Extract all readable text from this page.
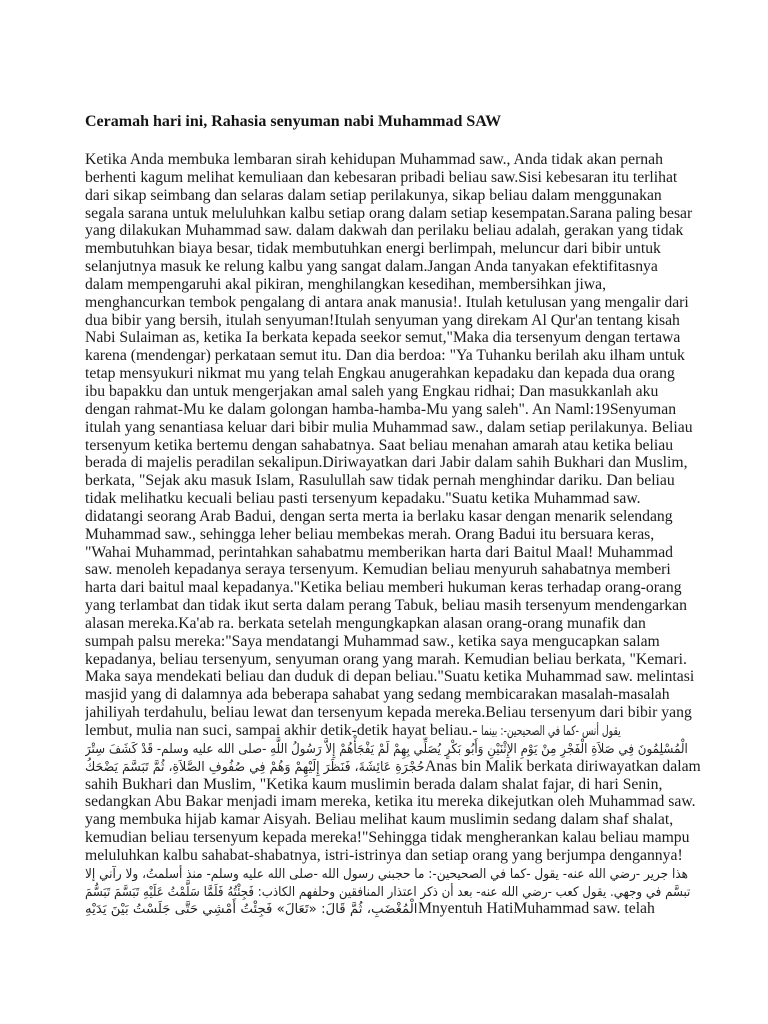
Ceramah hari ini, Rahasia senyuman nabi Muhammad SAW
Ketika Anda membuka lembaran sirah kehidupan Muhammad saw., Anda tidak akan pernah
berhenti kagum melihat kemuliaan dan kebesaran pribadi beliau saw.Sisi kebesaran itu terlihat
dari sikap seimbang dan selaras dalam setiap perilakunya, sikap beliau dalam menggunakan
segala sarana untuk meluluhkan kalbu setiap orang dalam setiap kesempatan.Sarana paling besar
yang dilakukan Muhammad saw. dalam dakwah dan perilaku beliau adalah, gerakan yang tidak
membutuhkan biaya besar, tidak membutuhkan energi berlimpah, meluncur dari bibir untuk
selanjutnya masuk ke relung kalbu yang sangat dalam.Jangan Anda tanyakan efektifitasnya
dalam mempengaruhi akal pikiran, menghilangkan kesedihan, membersihkan jiwa,
menghancurkan tembok pengalang di antara anak manusia!. Itulah ketulusan yang mengalir dari
dua bibir yang bersih, itulah senyuman!Itulah senyuman yang direkam Al Qur'an tentang kisah
Nabi Sulaiman as, ketika Ia berkata kepada seekor semut,"Maka dia tersenyum dengan tertawa
karena (mendengar) perkataan semut itu. Dan dia berdoa: "Ya Tuhanku berilah aku ilham untuk
tetap mensyukuri nikmat mu yang telah Engkau anugerahkan kepadaku dan kepada dua orang
ibu bapakku dan untuk mengerjakan amal saleh yang Engkau ridhai; Dan masukkanlah aku
dengan rahmat-Mu ke dalam golongan hamba-hamba-Mu yang saleh". An Naml:19Senyuman
itulah yang senantiasa keluar dari bibir mulia Muhammad saw., dalam setiap perilakunya. Beliau
tersenyum ketika bertemu dengan sahabatnya. Saat beliau menahan amarah atau ketika beliau
berada di majelis peradilan sekalipun.Diriwayatkan dari Jabir dalam sahih Bukhari dan Muslim,
berkata, "Sejak aku masuk Islam, Rasulullah saw tidak pernah menghindar dariku. Dan beliau
tidak melihatku kecuali beliau pasti tersenyum kepadaku."Suatu ketika Muhammad saw.
didatangi seorang Arab Badui, dengan serta merta ia berlaku kasar dengan menarik selendang
Muhammad saw., sehingga leher beliau membekas merah. Orang Badui itu bersuara keras,
"Wahai Muhammad, perintahkan sahabatmu memberikan harta dari Baitul Maal! Muhammad
saw. menoleh kepadanya seraya tersenyum. Kemudian beliau menyuruh sahabatnya memberi
harta dari baitul maal kepadanya."Ketika beliau memberi hukuman keras terhadap orang-orang
yang terlambat dan tidak ikut serta dalam perang Tabuk, beliau masih tersenyum mendengarkan
alasan mereka.Ka'ab ra. berkata setelah mengungkapkan alasan orang-orang munafik dan
sumpah palsu mereka:"Saya mendatangi Muhammad saw., ketika saya mengucapkan salam
kepadanya, beliau tersenyum, senyuman orang yang marah. Kemudian beliau berkata, "Kemari.
Maka saya mendekati beliau dan duduk di depan beliau."Suatu ketika Muhammad saw. melintasi
masjid yang di dalamnya ada beberapa sahabat yang sedang membicarakan masalah-masalah
jahiliyah terdahulu, beliau lewat dan tersenyum kepada mereka.Beliau tersenyum dari bibir yang
lembut, mulia nan suci, sampai akhir detik-detik hayat beliau.- يقول أنس -كما في الصحيحين-: بينما
الْمُسْلِمُونَ فِي صَلاَةِ الْفَجْرِ مِنْ يَوْمِ الإِثْنَيْنِ وَأَبُو بَكْرٍ يُصَلِّي بِهِمْ لَمْ يَفْجَأْهُمْ إِلاَّ رَسُولُ اللَّهِ -صلى الله عليه وسلم- قَدْ كَشَفَ سِتْرَ
حُجْرَةِ عَائِشَةَ، فَنَظَرَ إِلَيْهِمْ وَهُمْ فِي صُفُوفِ الصَّلاَةِ، ثُمَّ تَبَسَّمَ يَضْحَكُAnas bin Malik berkata diriwayatkan dalam
sahih Bukhari dan Muslim, "Ketika kaum muslimin berada dalam shalat fajar, di hari Senin,
sedangkan Abu Bakar menjadi imam mereka, ketika itu mereka dikejutkan oleh Muhammad saw.
yang membuka hijab kamar Aisyah. Beliau melihat kaum muslimin sedang dalam shaf shalat,
kemudian beliau tersenyum kepada mereka!"Sehingga tidak mengherankan kalau beliau mampu
meluluhkan kalbu sahabat-shabatnya, istri-istrinya dan setiap orang yang berjumpa dengannya!
هذا جرير -رضي الله عنه- يقول -كما في الصحيحين-: ما حجبني رسول الله -صلى الله عليه وسلم- منذ أسلمتُ، ولا رآني إلا
تبسَّم في وجهي. يقول كعب -رضي الله عنه- بعد أن ذكر اعتذار المنافقين وحلفهم الكاذب: فَجِئْتُهُ فَلَمَّا سَلَّمْتُ عَلَيْهِ تَبَسَّمَ تَبَسُّمَ
الْمُغْضَبِ، ثُمَّ قَالَ: «تَعَالَ» فَجِئْتُ أَمْشِي حَتَّى جَلَسْتُ بَيْنَ يَدَيْهِMnyentuh HatiMuhammad saw. telah
